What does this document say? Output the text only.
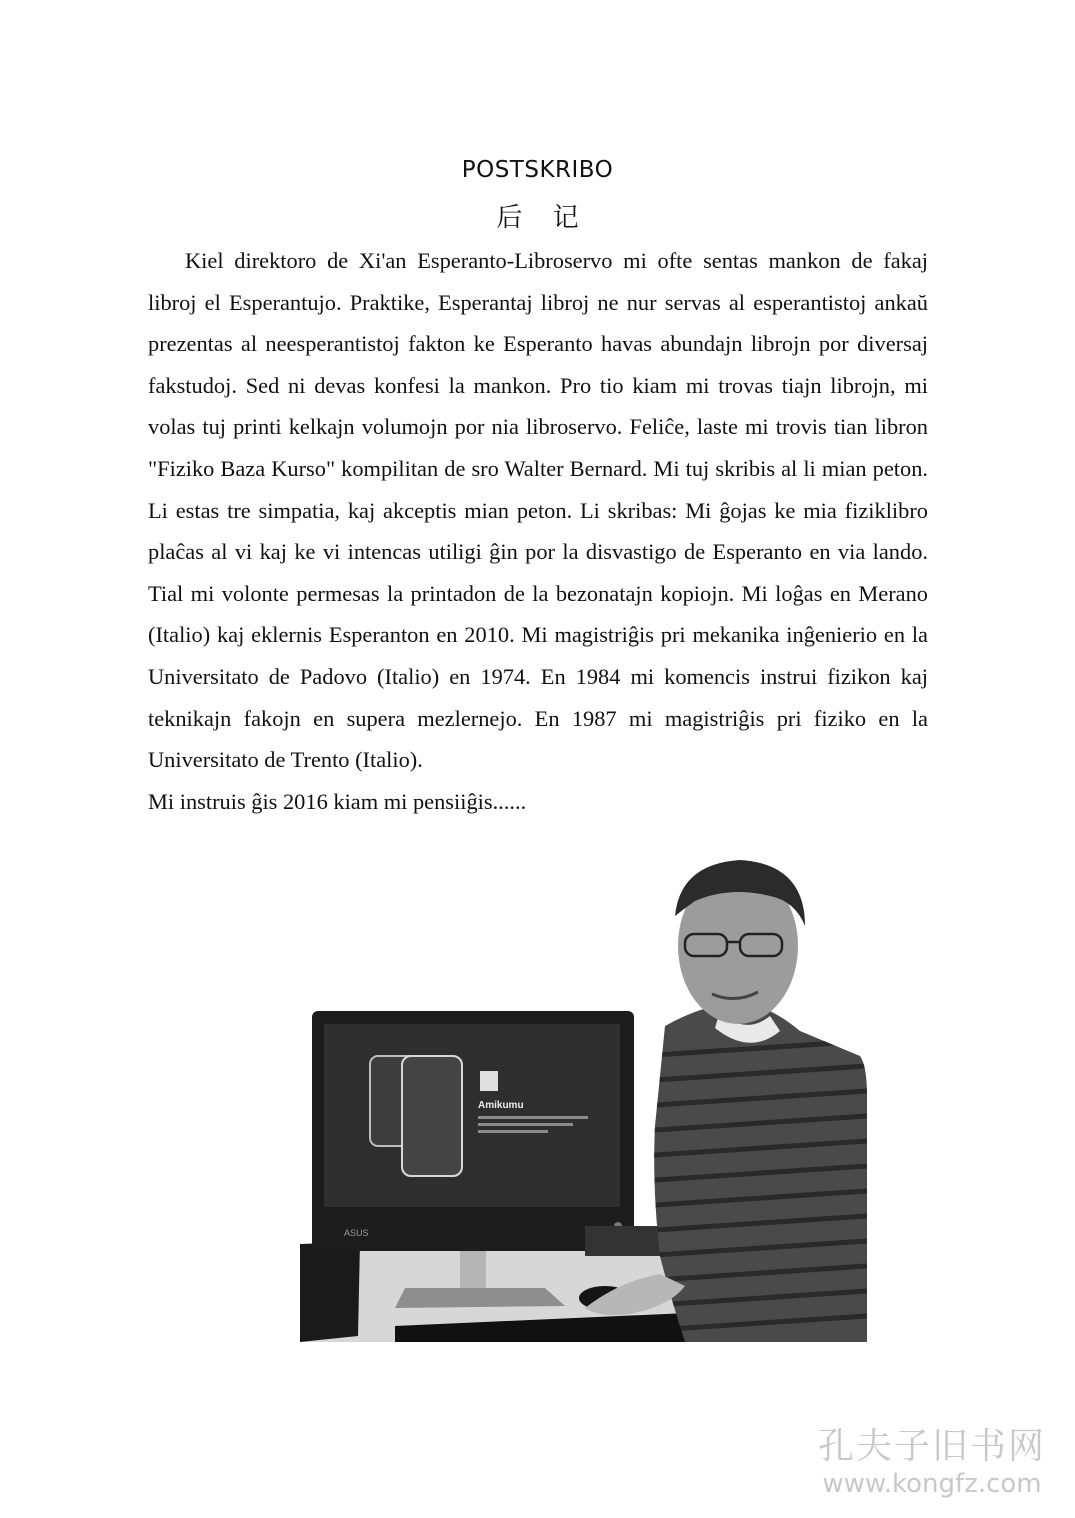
POSTSKRIBO
后 记

Kiel direktoro de Xi'an Esperanto-Libroservo mi ofte sentas mankon de fakaj libroj el Esperantujo. Praktike, Esperantaj libroj ne nur servas al esperantistoj ankaŭ prezentas al neesperantistoj fakton ke Esperanto havas abundajn librojn por diversaj fakstudoj. Sed ni devas konfesi la mankon. Pro tio kiam mi trovas tiajn librojn, mi volas tuj printi kelkajn volumojn por nia libroservo. Feliĉe, laste mi trovis tian libron "Fiziko Baza Kurso" kompilitan de sro Walter Bernard. Mi tuj skribis al li mian peton. Li estas tre simpatia, kaj akceptis mian peton. Li skribas: Mi ĝojas ke mia fiziklibro plaĉas al vi kaj ke vi intencas utiligi ĝin por la disvastigo de Esperanto en via lando. Tial mi volonte permesas la printadon de la bezonatajn kopiojn. Mi loĝas en Merano (Italio) kaj eklernis Esperanton en 2010. Mi magistriĝis pri mekanika inĝenierio en la Universitato de Padovo (Italio) en 1974. En 1984 mi komencis instrui fizikon kaj teknikajn fakojn en supera mezlernejo. En 1987 mi magistriĝis pri fiziko en la Universitato de Trento (Italio).

Mi instruis ĝis 2016 kiam mi pensiiĝis......

Amikumu
ASUS
孔夫子旧书网
www.kongfz.com
